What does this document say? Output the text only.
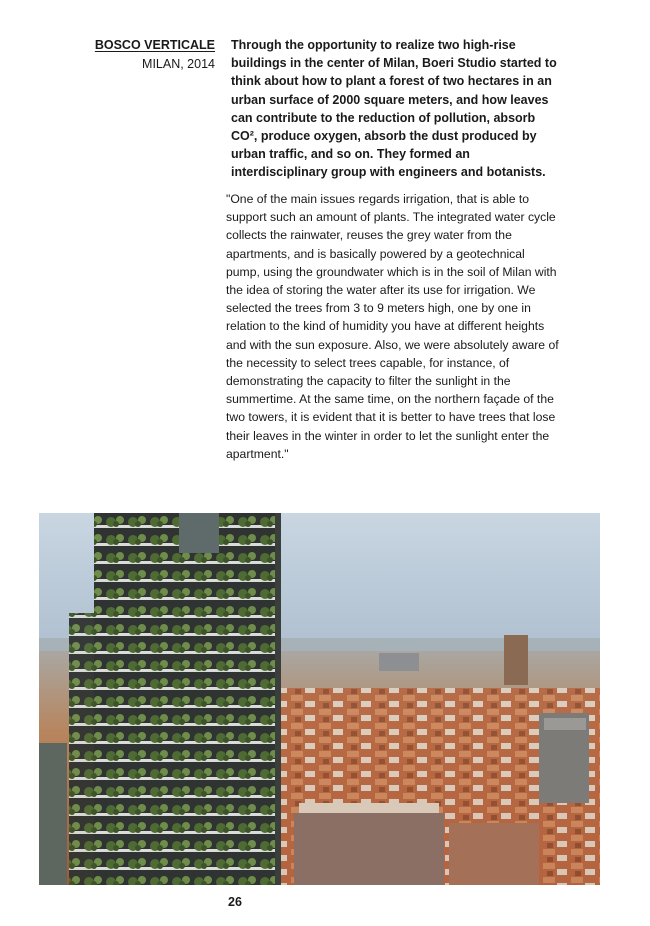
BOSCO VERTICALE
MILAN, 2014

Through the opportunity to realize two high-rise buildings in the center of Milan, Boeri Studio started to think about how to plant a forest of two hectares in an urban surface of 2000 square meters, and how leaves can contribute to the reduction of pollution, absorb CO², produce oxygen, absorb the dust produced by urban traffic, and so on. They formed an interdisciplinary group with engineers and botanists.

"One of the main issues regards irrigation, that is able to support such an amount of plants. The integrated water cycle collects the rainwater, reuses the grey water from the apartments, and is basically powered by a geotechnical pump, using the groundwater which is in the soil of Milan with the idea of storing the water after its use for irrigation. We selected the trees from 3 to 9 meters high, one by one in relation to the kind of humidity you have at different heights and with the sun exposure. Also, we were absolutely aware of the necessity to select trees capable, for instance, of demonstrating the capacity to filter the sunlight in the summertime. At the same time, on the northern façade of the two towers, it is evident that it is better to have trees that lose their leaves in the winter in order to let the sunlight enter the apartment."

26
